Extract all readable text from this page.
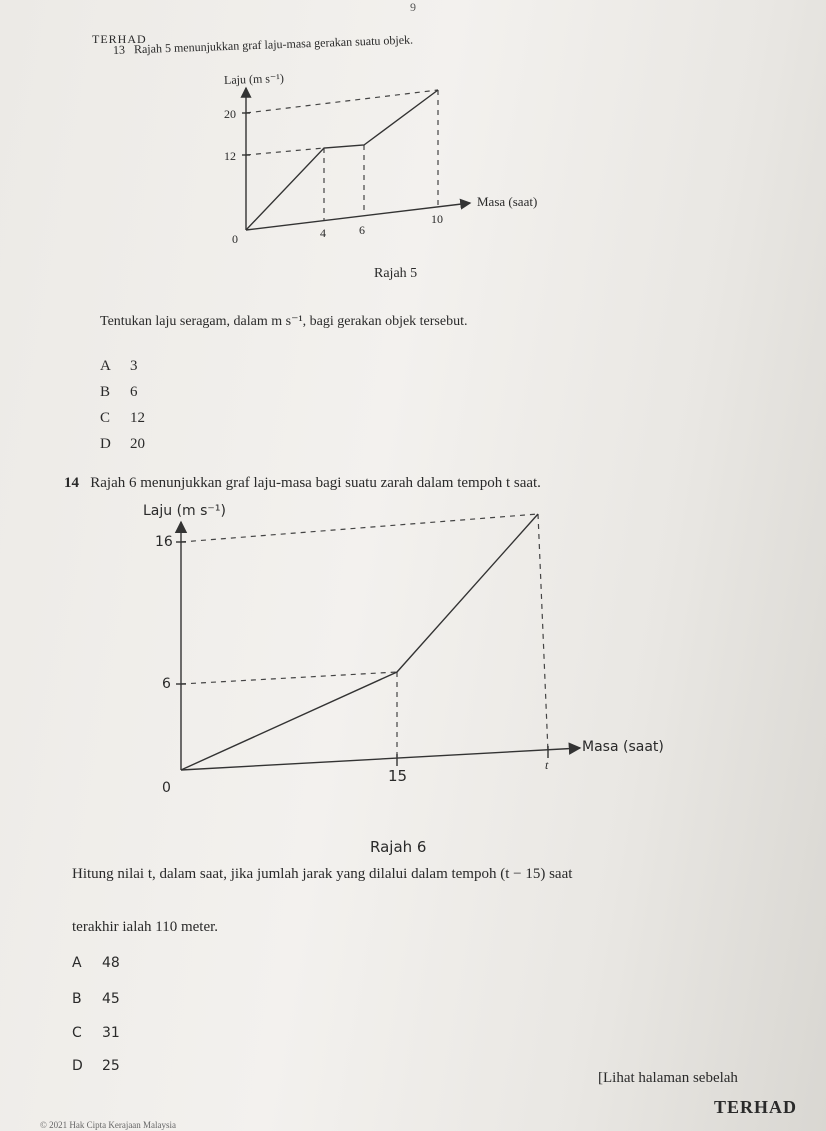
9
TERHAD
13 Rajah 5 menunjukkan graf laju-masa gerakan suatu objek.
Laju (m s⁻¹)
20
12
0	4	6
10
Masa (saat)
Rajah 5
Tentukan laju seragam, dalam m s⁻¹, bagi gerakan objek tersebut.
A 3
B 6
C 12
D 20
14 Rajah 6 menunjukkan graf laju-masa bagi suatu zarah dalam tempoh t saat.
Laju (m s⁻¹)
16
6
0
15
t
Masa (saat)
Rajah 6
Hitung nilai t, dalam saat, jika jumlah jarak yang dilalui dalam tempoh (t − 15) saat
terakhir ialah 110 meter.
A 48
B 45
C 31
D 25
[Lihat halaman sebelah
TERHAD
© 2021 Hak Cipta Kerajaan Malaysia
